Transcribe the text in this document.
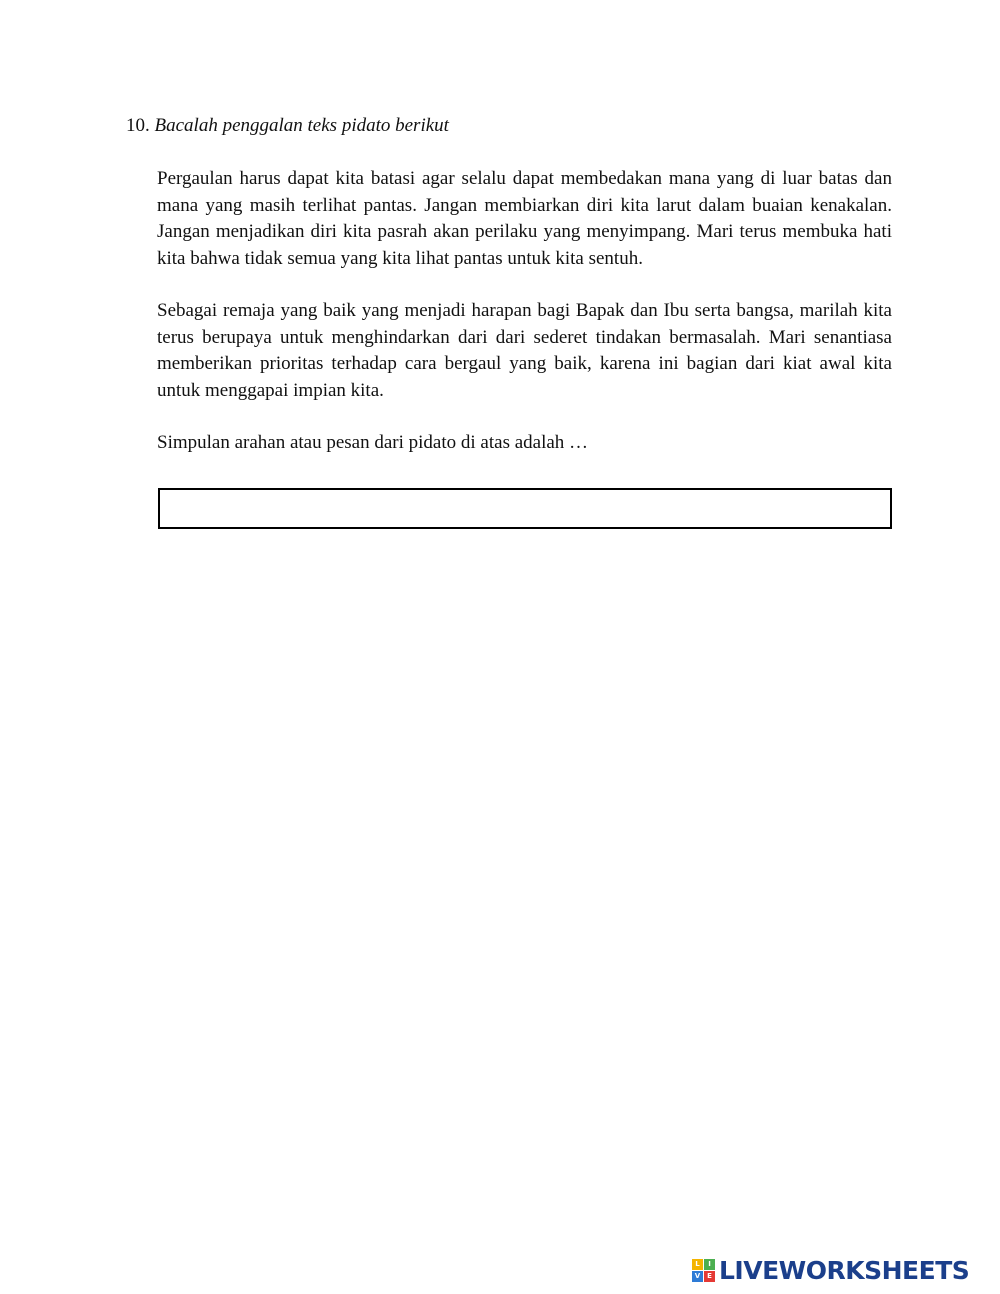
10. Bacalah penggalan teks pidato berikut

Pergaulan harus dapat kita batasi agar selalu dapat membedakan mana yang di luar batas dan mana yang masih terlihat pantas. Jangan membiarkan diri kita larut dalam buaian kenakalan. Jangan menjadikan diri kita pasrah akan perilaku yang menyimpang. Mari terus membuka hati kita bahwa tidak semua yang kita lihat pantas untuk kita sentuh.

Sebagai remaja yang baik yang menjadi harapan bagi Bapak dan Ibu serta bangsa, marilah kita terus berupaya untuk menghindarkan dari dari sederet tindakan bermasalah. Mari senantiasa memberikan prioritas terhadap cara bergaul yang baik, karena ini bagian dari kiat awal kita untuk menggapai impian kita.

Simpulan arahan atau pesan dari pidato di atas adalah …
L	I
V E LIVEWORKSHEETS
